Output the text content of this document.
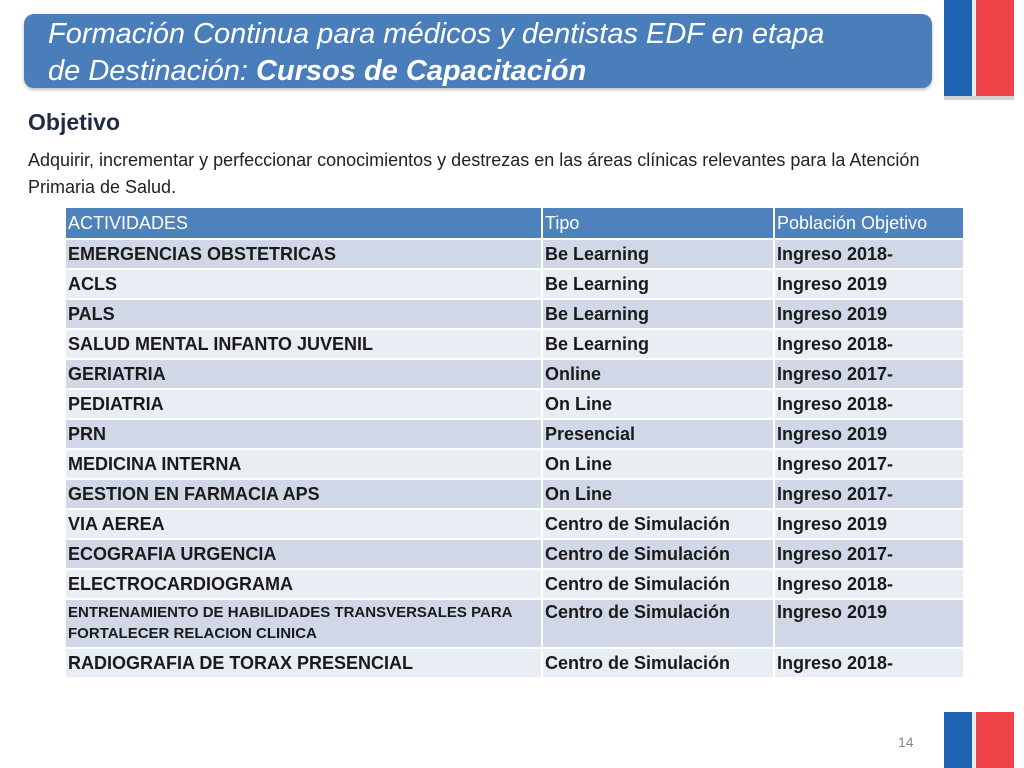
Formación Continua para médicos y dentistas EDF en etapa
de Destinación: Cursos de Capacitación
Objetivo
Adquirir, incrementar y perfeccionar conocimientos y destrezas en las áreas clínicas relevantes para la Atención Primaria de Salud.
ACTIVIDADES	Tipo	Población Objetivo
EMERGENCIAS OBSTETRICAS	Be Learning	Ingreso 2018-
ACLS	Be Learning	Ingreso 2019
PALS	Be Learning	Ingreso 2019
SALUD MENTAL INFANTO JUVENIL	Be Learning	Ingreso 2018-
GERIATRIA	Online	Ingreso 2017-
PEDIATRIA	On Line	Ingreso 2018-
PRN	Presencial	Ingreso 2019
MEDICINA INTERNA	On Line	Ingreso 2017-
GESTION EN FARMACIA APS	On Line	Ingreso 2017-
VIA AEREA	Centro de Simulación	Ingreso 2019
ECOGRAFIA URGENCIA	Centro de Simulación	Ingreso 2017-
ELECTROCARDIOGRAMA	Centro de Simulación	Ingreso 2018-

ENTRENAMIENTO DE HABILIDADES TRANSVERSALES PARA FORTALECER RELACION CLINICA	Centro de Simulación	Ingreso 2019
RADIOGRAFIA DE TORAX PRESENCIAL	Centro de Simulación	Ingreso 2018-
14
